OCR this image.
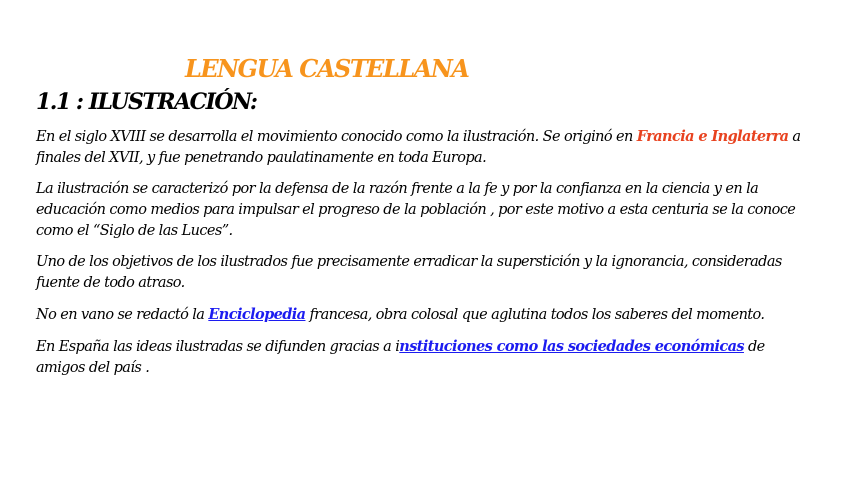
LENGUA CASTELLANA
1.1 : ILUSTRACIÓN:
En el siglo XVIII se desarrolla el movimiento conocido como la ilustración. Se originó en Francia e Inglaterra a finales del XVII, y fue penetrando paulatinamente en toda Europa.
La ilustración se caracterizó por la defensa de la razón frente a la fe y por la confianza en la ciencia y en la educación como medios para impulsar el progreso de la población , por este motivo a esta centuria se la conoce como el “Siglo de las Luces”.
Uno de los objetivos de los ilustrados fue precisamente erradicar la superstición y la ignorancia, consideradas fuente de todo atraso.
No en vano se redactó la Enciclopedia francesa, obra colosal que aglutina todos los saberes del momento.
En España las ideas ilustradas se difunden gracias a instituciones como las sociedades económicas de amigos del país .
